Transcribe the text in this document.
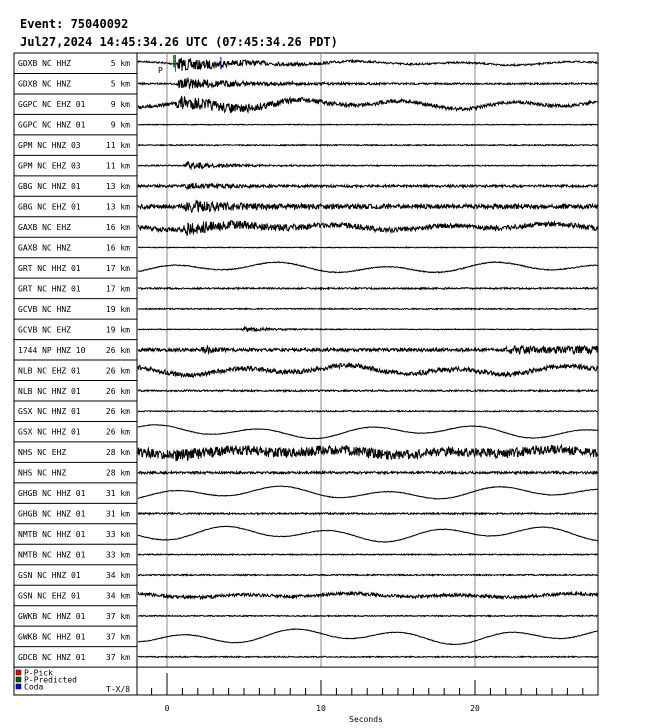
Event: 75040092
Jul27,2024 14:45:34.26 UTC (07:45:34.26 PDT)
GDXB NC HHZ	5 km
GDXB NC HNZ	5 km
GGPC NC EHZ 01	9 km
GGPC NC HNZ 01	9 km
GPM NC HNZ 03	11 km
GPM NC EHZ 03	11 km
GBG NC HNZ 01	13 km
GBG NC EHZ 01	13 km
GAXB NC EHZ	16 km
GAXB NC HNZ	16 km
GRT NC HHZ 01	17 km
GRT NC HNZ 01	17 km
GCVB NC HNZ	19 km
GCVB NC EHZ	19 km
1744 NP HNZ 10	26 km
NLB NC EHZ 01	26 km
NLB NC HNZ 01	26 km
GSX NC HNZ 01	26 km
GSX NC HHZ 01	26 km
NHS NC EHZ	28 km
NHS NC HNZ	28 km
GHGB NC HHZ 01	31 km
GHGB NC HNZ 01	31 km
NMTB NC HHZ 01	33 km
NMTB NC HNZ 01	33 km
GSN NC HNZ 01	34 km
GSN NC EHZ 01	34 km
GWKB NC HNZ 01	37 km
GWKB NC HHZ 01	37 km
GDCB NC HNZ 01	37 km
P
P-Pick
P-Predicted
Coda	T-X/8
0	10	20
Seconds
